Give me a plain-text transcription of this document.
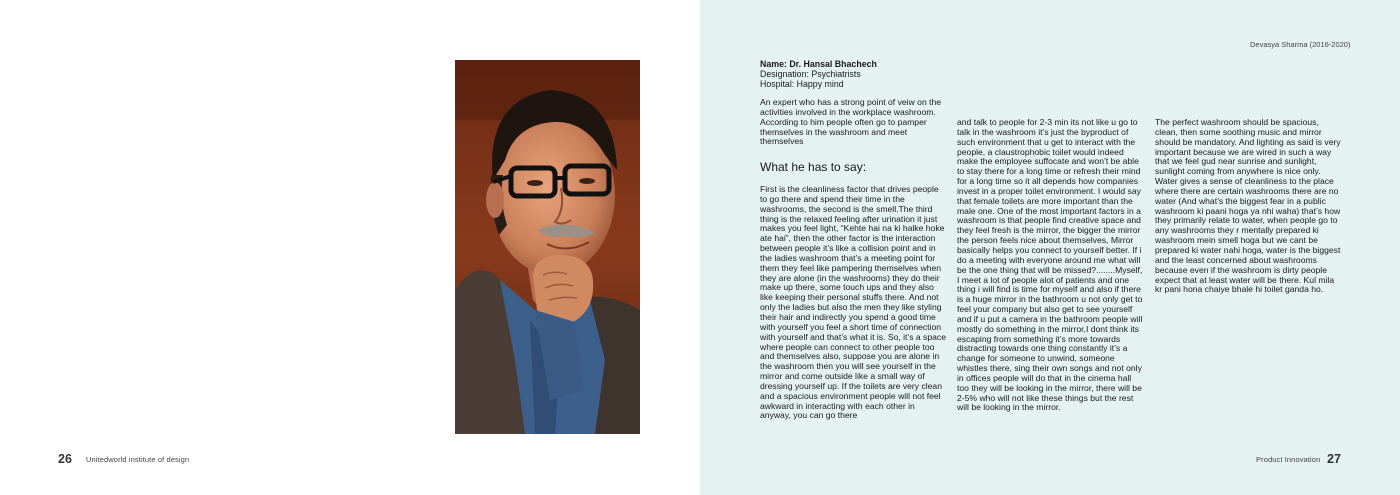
26 Unitedworld institute of design
Devasya Sharma (2016-2020)
Name: Dr. Hansal Bhachech
Designation: Psychiatrists
Hospital: Happy mind

An expert who has a strong point of veiw on the activities involved in the workplace washroom. According to him people often go to pamper themselves in the washroom and meet themselves

What he has to say:

First is the cleanliness factor that drives people to go there and spend their time in the washrooms, the second is the smell.The third thing is the relaxed feeling after urination it just makes you feel light, “Kehte hai na ki halke hoke ate hai”, then the other factor is the interaction between people it’s like a collision point and in the ladies washroom that’s a meeting point for them they feel like pampering themselves when they are alone (in the washrooms) they do their make up there, some touch ups and they also like keeping their personal stuffs there. And not only the ladies but also the men they like styling their hair and indirectly you spend a good time with yourself you feel a short time of connection with yourself and that’s what it is. So, it’s a space where people can connect to other people too and themselves also, suppose you are alone in the washroom then you will see yourself in the mirror and come outside like a small way of dressing yourself up. If the toilets are very clean and a spacious environment people will not feel awkward in interacting with each other in anyway, you can go there

and talk to people for 2-3 min its not like u go to talk in the washroom it’s just the byproduct of such environment that u get to interact with the people, a claustrophobic toilet would indeed make the employee suffocate and won’t be able to stay there for a long time or refresh their mind for a long time so it all depends how companies invest in a proper toilet environment. I would say that female toilets are more important than the male one. One of the most important factors in a washroom is that people find creative space and they feel fresh is the mirror, the bigger the mirror the person feels nice about themselves, Mirror basically helps you connect to yourself better. If i do a meeting with everyone around me what will be the one thing that will be missed?........Myself, I meet a lot of people alot of patients and one thing i will find is time for myself and also if there is a huge mirror in the bathroom u not only get to feel your company but also get to see yourself and if u put a camera in the bathroom people will mostly do something in the mirror,I dont think its escaping from something it’s more towards distracting towards one thing constantly it’s a change for someone to unwind, someone whistles there, sing their own songs and not only in offices people will do that in the cinema hall too they will be looking in the mirror, there will be 2-5% who will not like these things but the rest will be looking in the mirror.

The perfect washroom should be spacious, clean, then some soothing music and mirror should be mandatory. And lighting as said is very important because we are wired in such a way that we feel gud near sunrise and sunlight, sunlight coming from anywhere is nice only. Water gives a sense of cleanliness to the place where there are certain washrooms there are no water (And what’s the biggest fear in a public washroom ki paani hoga ya nhi waha) that’s how they primarily relate to water, when people go to any washrooms they r mentally prepared ki washroom mein smell hoga but we cant be prepared ki water nahi hoga, water is the biggest and the least concerned about washrooms because even if the washroom is dirty people expect that at least water will be there. Kul mila kr pani hona chaiye bhale hi toilet ganda ho.

Product Innovation 27
